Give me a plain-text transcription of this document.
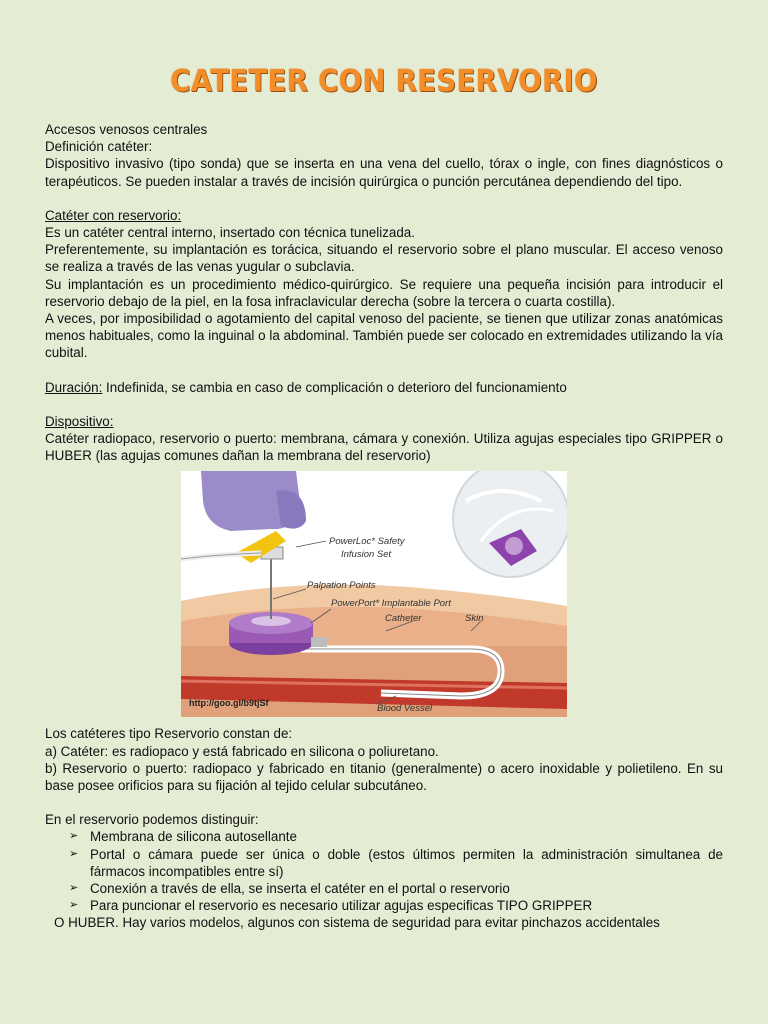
CATETER CON RESERVORIO

Accesos venosos centrales

Definición catéter:

Dispositivo invasivo (tipo sonda) que se inserta en una vena del cuello, tórax o ingle, con fines diagnósticos o terapéuticos. Se pueden instalar a través de incisión quirúrgica o punción percutánea dependiendo del tipo.

Catéter con reservorio:

Es un catéter central interno, insertado con técnica tunelizada.

Preferentemente, su implantación es torácica, situando el reservorio sobre el plano muscular. El acceso venoso se realiza a través de las venas yugular o subclavia.

Su implantación es un procedimiento médico-quirúrgico. Se requiere una pequeña incisión para introducir el reservorio debajo de la piel, en la fosa infraclavicular derecha (sobre la tercera o cuarta costilla).

A veces, por imposibilidad o agotamiento del capital venoso del paciente, se tienen que utilizar zonas anatómicas menos habituales, como la inguinal o la abdominal. También puede ser colocado en extremidades utilizando la vía cubital.

Duración: Indefinida, se cambia en caso de complicación o deterioro del funcionamiento

Dispositivo:

Catéter radiopaco, reservorio o puerto: membrana, cámara y conexión. Utiliza agujas especiales tipo GRIPPER o HUBER (las agujas comunes dañan la membrana del reservorio)

PowerLoc* Safety
Infusion Set
Palpation Points
PowerPort* Implantable Port
Catheter	Skin
Blood Vessel
http://goo.gl/b9tjSf

Los catéteres tipo Reservorio constan de:

a) Catéter: es radiopaco y está fabricado en silicona o poliuretano.

b) Reservorio o puerto: radiopaco y fabricado en titanio (generalmente) o acero inoxidable y polietileno. En su base posee orificios para su fijación al tejido celular subcutáneo.

En el reservorio podemos distinguir:

➢ Membrana de silicona autosellante
➢ Portal o cámara puede ser única o doble (estos últimos permiten la administración simultanea de fármacos incompatibles entre sí)
➢ Conexión a través de ella, se inserta el catéter en el portal o reservorio
➢ Para puncionar el reservorio es necesario utilizar agujas especificas TIPO GRIPPER

O HUBER. Hay varios modelos, algunos con sistema de seguridad para evitar pinchazos accidentales
